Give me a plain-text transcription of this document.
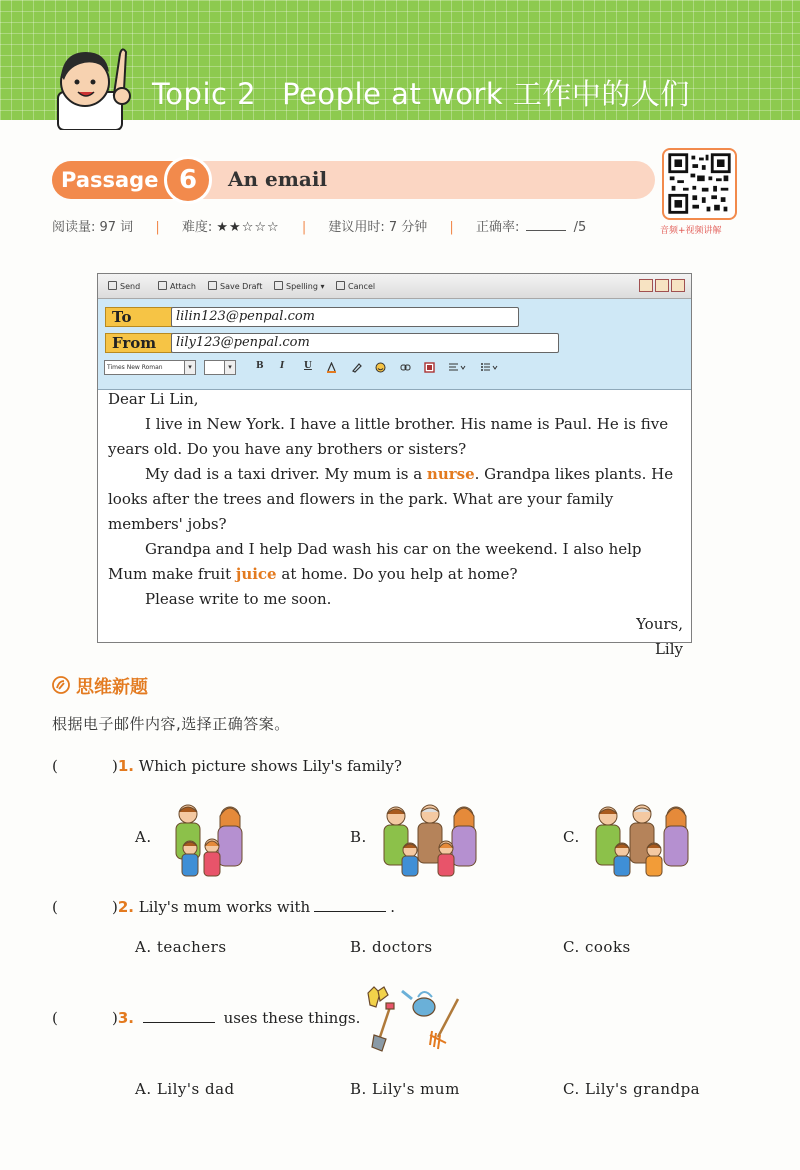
Topic 2 People at work 工作中的人们
Passage 6	An email
音频+视频讲解
阅读量: 97 词 | 难度: ★★☆☆☆ | 建议用时: 7 分钟 | 正确率:	/5
Send	Attach	Save Draft	Spelling ▾	Cancel
To	lilin123@penpal.com
From	lily123@penpal.com
Times New Roman	▾	▾	B I U

Dear Li Lin,

I live in New York. I have a little brother. His name is Paul. He is five years old. Do you have any brothers or sisters?

My dad is a taxi driver. My mum is a nurse. Grandpa likes plants. He looks after the trees and flowers in the park. What are your family members' jobs?

Grandpa and I help Dad wash his car on the weekend. I also help Mum make fruit juice at home. Do you help at home?

Please write to me soon.

Yours,

Lily

思维新题
根据电子邮件内容,选择正确答案。
(	)1. Which picture shows Lily's family?
A.	B.	C.
(	)2. Lily's mum works with	.
A. teachers	B. doctors	C. cooks
(	)3.	uses these things.
A. Lily's dad	B. Lily's mum	C. Lily's grandpa
